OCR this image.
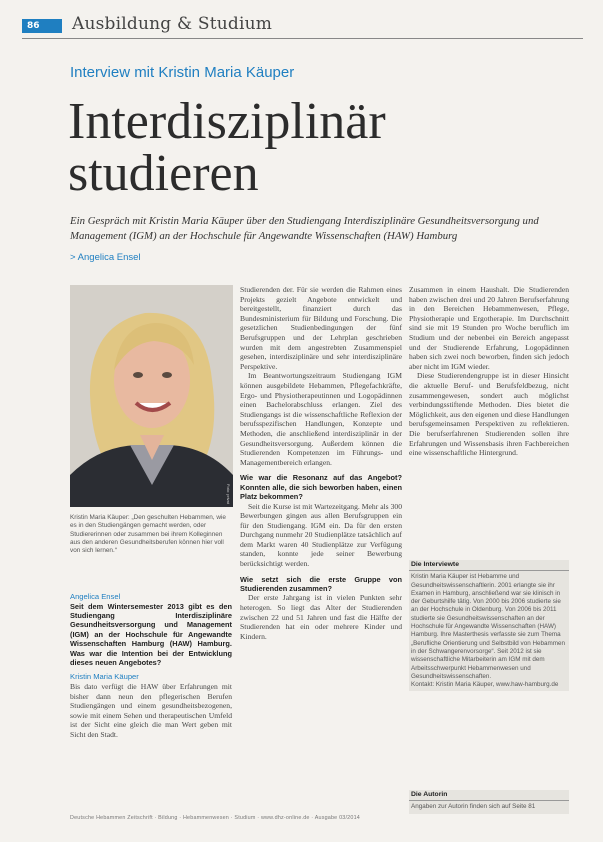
86	Ausbildung & Studium
Interview mit Kristin Maria Käuper
Interdisziplinär
studieren
Ein Gespräch mit Kristin Maria Käuper über den Studiengang Interdisziplinäre Gesundheitsversorgung und Management (IGM) an der Hochschule für Angewandte Wissenschaften (HAW) Hamburg
> Angelica Ensel
Foto: privat
Kristin Maria Käuper: „Den geschulten Hebammen, wie es in den Studiengängen gemacht werden, oder Studiererinnen oder zusammen bei ihrem Kolleginnen aus den anderen Gesundheitsberufen können hier voll von sich lernen.“

Angelica Ensel

Seit dem Wintersemester 2013 gibt es den Studiengang Interdisziplinäre Gesundheitsversorgung und Management (IGM) an der Hochschule für Angewandte Wissenschaften Hamburg (HAW) Hamburg. Was war die Intention bei der Entwicklung dieses neuen Angebotes?

Kristin Maria Käuper

Bis dato verfügt die HAW über Erfahrungen mit bisher dann neun den pflegerischen Berufen Studiengängen und einem gesundheitsbezogenen, sowie mit einem Sehen und therapeutischen Umfeld ist der Sicht eine gleich die man Wert geben mit Sicht den Stadt.

Studierenden der. Für sie werden die Rahmen eines Projekts gezielt Angebote entwickelt und bereitgestellt, finanziert durch das Bundesministerium für Bildung und Forschung. Die gesetzlichen Studienbedingungen der fünf Berufsgruppen und der Lehrplan geschrieben wurden mit dem angestrebten Zusammenspiel gesehen, interdisziplinäre und sehr interdisziplinäre Perspektive.

Im Beantwortungszeitraum Studiengang IGM können ausgebildete Hebammen, Pflegefachkräfte, Ergo- und Physiotherapeutinnen und Logopädinnen einen Bachelorabschluss erlangen. Ziel des Studiengangs ist die wissenschaftliche Reflexion der berufsspezifischen Handlungen, Konzepte und Methoden, die anschließend interdisziplinär in der Gesundheitsversorgung. Außerdem können die Studierenden Kompetenzen im Führungs- und Managementbereich erlangen.

Wie war die Resonanz auf das Angebot? Konnten alle, die sich beworben haben, einen Platz bekommen?

Seit die Kurse ist mit Wartezeitgang. Mehr als 300 Bewerbungen gingen aus allen Berufsgruppen ein für den Studiengang. IGM ein. Da für den ersten Durchgang nunmehr 20 Studienplätze tatsächlich auf dem Markt waren 40 Studienplätze zur Verfügung standen, konnte jede seiner Bewerbung berücksichtigt werden.

Wie setzt sich die erste Gruppe von Studierenden zusammen?

Der erste Jahrgang ist in vielen Punkten sehr heterogen. So liegt das Alter der Studierenden zwischen 22 und 51 Jahren und fast die Hälfte der Studierenden hat ein oder mehrere Kinder und Kindern.

Zusammen in einem Haushalt. Die Studierenden haben zwischen drei und 20 Jahren Berufserfahrung in den Bereichen Hebammenwesen, Pflege, Physiotherapie und Ergotherapie. Im Durchschnitt sind sie mit 19 Stunden pro Woche beruflich im Studium und der nebenbei ein Bereich angepasst und der Studierende Erfahrung, Logopädinnen haben sich zwei noch beworben, finden sich jedoch aber nicht im IGM wieder.

Diese Studierendengruppe ist in dieser Hinsicht die aktuelle Beruf- und Berufsfeldbezug, nicht zusammengewesen, sondert auch möglichst verbindungsstiftende Methoden. Dies bietet die Möglichkeit, aus den eigenen und diese Handlungen berufsgemeinsamen Perspektiven zu reflektieren. Die berufserfahrenen Studierenden sollen ihre Erfahrungen und Wissensbasis ihren Fachbereichen eine wissenschaftliche Hintergrund.

Die Interviewte
Kristin Maria Käuper ist Hebamme und Gesundheitswissenschaftlerin. 2001 erlangte sie ihr Examen in Hamburg, anschließend war sie klinisch in der Geburtshilfe tätig. Von 2000 bis 2006 studierte sie an der Hochschule in Oldenburg. Von 2006 bis 2011 studierte sie Gesundheitswissenschaften an der Hochschule für Angewandte Wissenschaften (HAW) Hamburg. Ihre Masterthesis verfasste sie zum Thema „Berufliche Orientierung und Selbstbild von Hebammen in der Schwangerenvorsorge“. Seit 2012 ist sie wissenschaftliche Mitarbeiterin am IGM mit dem Arbeitsschwerpunkt Hebammenwesen und Gesundheitswissenschaften.
Kontakt: Kristin Maria Käuper, www.haw-hamburg.de
Die Autorin
Angaben zur Autorin finden sich auf Seite 81
Deutsche Hebammen Zeitschrift · Bildung · Hebammenwesen · Studium · www.dhz-online.de · Ausgabe 03/2014
